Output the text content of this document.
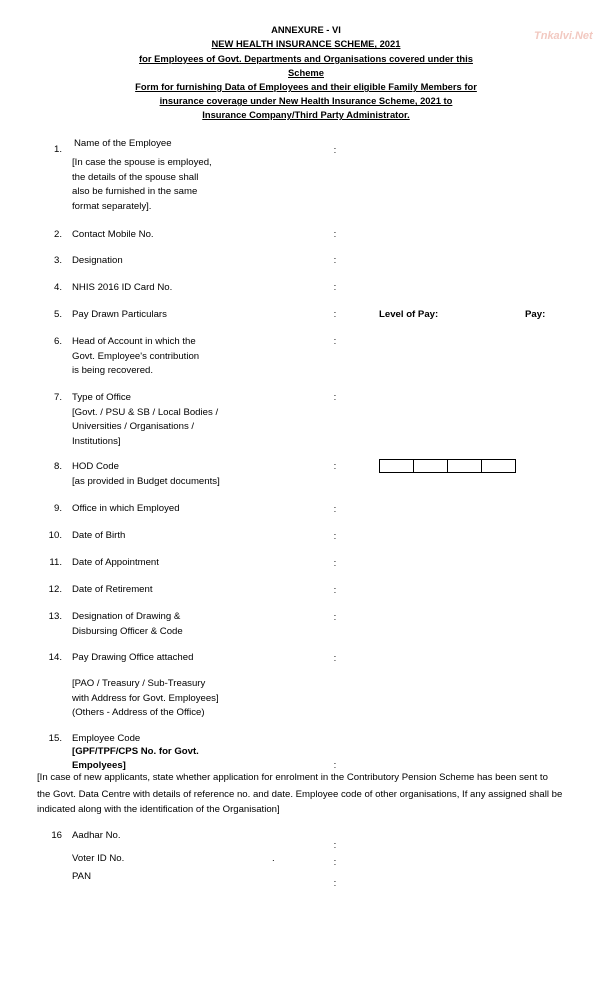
Tnkalvi.Net
ANNEXURE - VI
NEW HEALTH INSURANCE SCHEME, 2021
for Employees of Govt. Departments and Organisations covered under this
Scheme
Form for furnishing Data of Employees and their eligible Family Members for
insurance coverage under New Health Insurance Scheme, 2021 to
Insurance Company/Third Party Administrator.
1.
Name of the Employee
[In case the spouse is employed,
the details of the spouse shall
also be furnished in the same
format separately].
:
2. Contact Mobile No.	:
3. Designation	:
4. NHIS 2016 ID Card No.	:
5. Pay Drawn Particulars	:	Level of Pay:	Pay:
6. Head of Account in which the
Govt. Employee's contribution
is being recovered.
:
7. Type of Office
[Govt. / PSU & SB / Local Bodies /
Universities / Organisations /
Institutions]
:
8. HOD Code
[as provided in Budget documents]
:
9. Office in which Employed	:
10. Date of Birth	:
11. Date of Appointment	:
12. Date of Retirement	:
13. Designation of Drawing &
Disbursing Officer & Code
:
14. Pay Drawing Office attached	:
[PAO / Treasury / Sub-Treasury
with Address for Govt. Employees]
(Others - Address of the Office)
15. Employee Code
[GPF/TPF/CPS No. for Govt.
Empolyees]	:
[In case of new applicants, state whether application for enrolment in the Contributory Pension Scheme has been sent to
the Govt. Data Centre with details of reference no. and date. Employee code of other organisations, If any assigned shall be
indicated along with the identification of the Organisation]
16 Aadhar No.
:
Voter ID No.	.	:
PAN
:
